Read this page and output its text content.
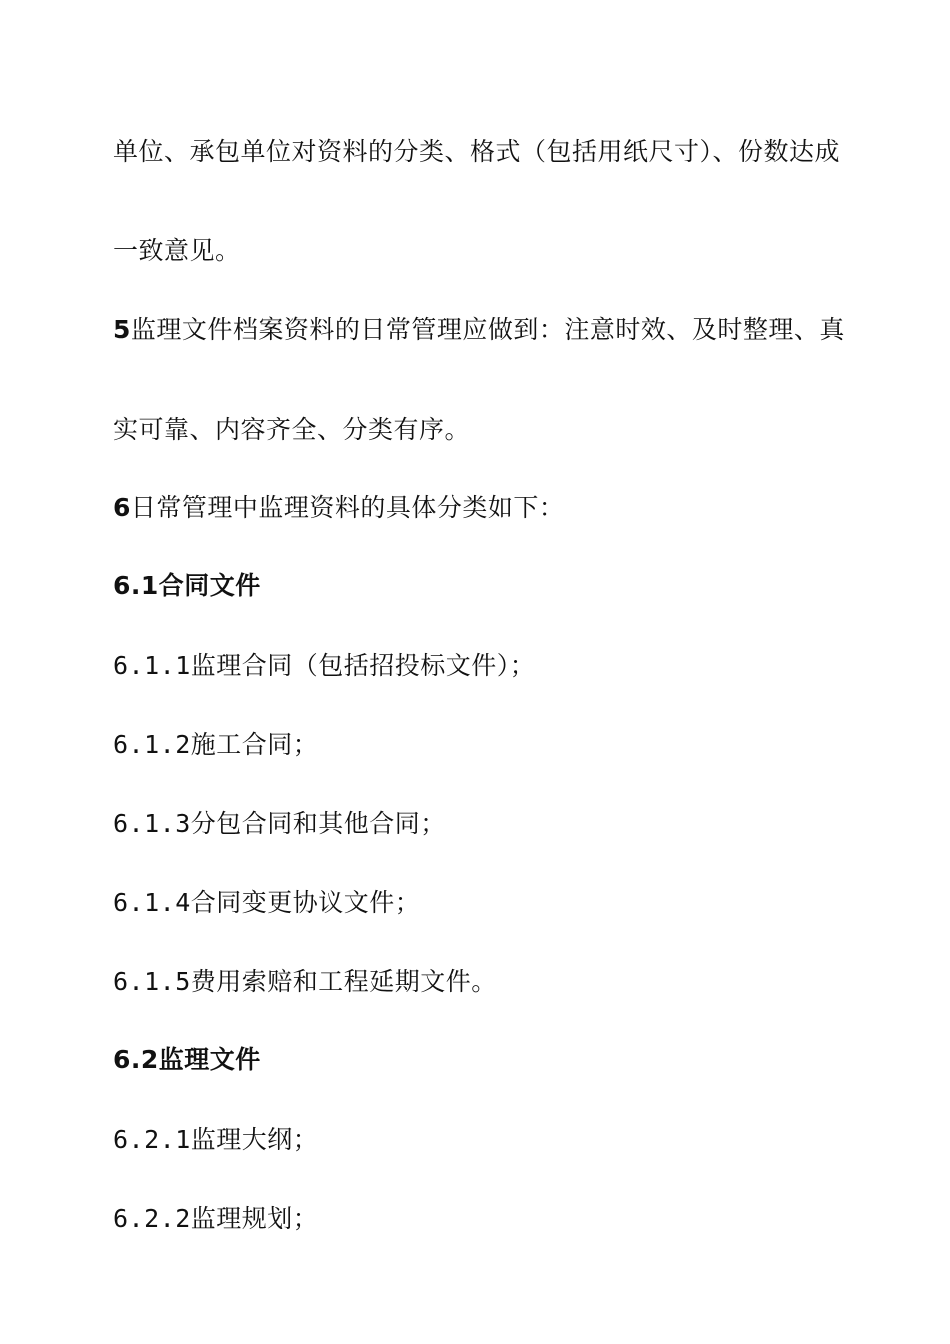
单位、承包单位对资料的分类、格式（包括用纸尺寸）、份数达成
一致意见。
5监理文件档案资料的日常管理应做到：注意时效、及时整理、真
实可靠、内容齐全、分类有序。
6日常管理中监理资料的具体分类如下：
6.1合同文件
6.1.1监理合同（包括招投标文件）；
6.1.2施工合同；
6.1.3分包合同和其他合同；
6.1.4合同变更协议文件；
6.1.5费用索赔和工程延期文件。
6.2监理文件
6.2.1监理大纲；
6.2.2监理规划；
